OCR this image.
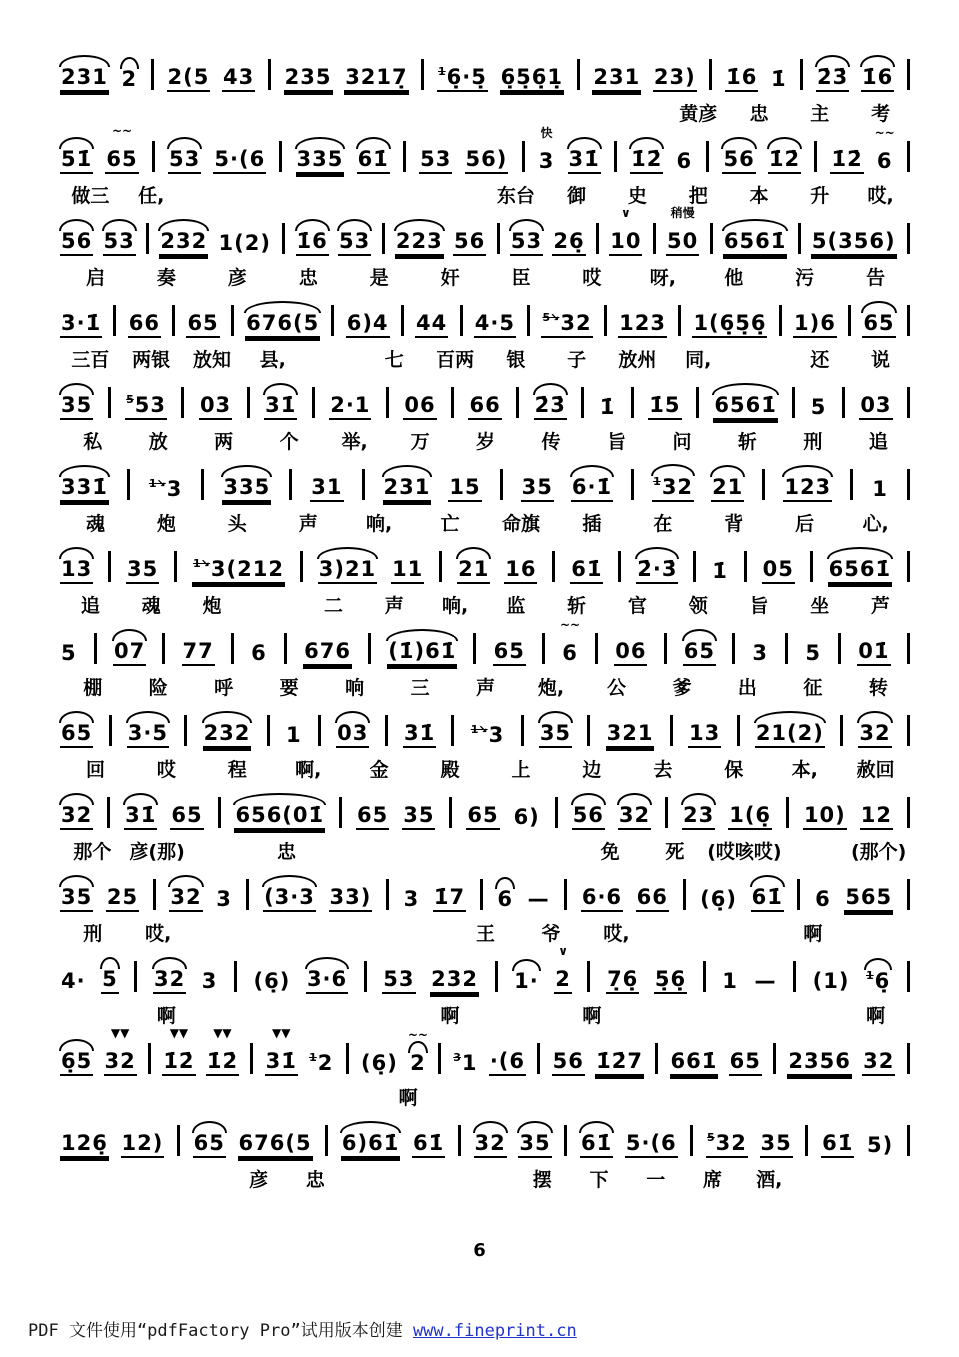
231 2 2(5 43 235 3217̣	$^1$6̣·5̣ 6̣5̣6̣1̣ 231 23) 1̇6 1̇ 2̇3̇ 1̇6
黄彦	忠	主	考
51̇
~~
65 53 5·(6 335 61̇ 53 56)
快
3 31̇ 1̇2̇ 6 56 1̇2̇ 1̇2̇
~~
6
做三	任,	东台	御	史	把	本	升	哎,
56 53 232 1(2) 1̇6 53 223 56 53 26̣
∨
10
稍慢
50 6561̇ 5(356)
启	奏	彦	忠	是	奸	臣	哎	呀,	他	污	告
3·1̇ 66 65 676(5 6)4 44 4·5	$^{5↘}$32 123 1(6̣5̣6̣ 1)6 65
三百	两银	放知	县,	七	百两	银	子	放州	同,	还	说
35	$^5$53 03 31̇ 2·1 06 66 2̇3̇ 1̇ 1̇5 6561̇ 5 03
私	放	两	个	举,	万	岁	传	旨	问	斩	刑	追
331̇	$^{1↘}$3 335 31 231 15 35 6·1̇	$^1$32 21 123 1
魂	炮	头	声	响,	亡	命旗	插	在	背	后	心,
13 35	$^{1↘}$3(212 3)21 11 21 16 61̇ 2̇·3̇ 1̇ 05 6561̇
追	魂	炮	二	声	响,	监	斩	官	领	旨	坐	芦
5 07 77 6 676 (1̇)61̇ 65
~~
6 06 65 3 5 01̇
棚	险	呼	要	响	三	声	炮,	公	爹	出	征	转
65 3·5 232 1 03 31̇	$^{1↘}$3 35 321 13 21(2) 32
回	哎	程	啊,	金	殿	上	边	去	保	本,	赦回
32 31̇ 65 656(01̇ 65 35 65 6) 56 32 23 1(6̣ 10) 12
那个 彦(那)	忠	免	死	(哎咳哎)	(那个)
35 25 32 3 (3·3 33) 3 1̇7 6 — 6·6 66 (6̣) 61̇ 6 565
刑	哎,	王	爷	哎,	啊
4· 5 32 3 (6̣) 3·6 53 232 1·
∨
2 7̣6̣ 5̣6̣ 1 — (1) $^1$6̣
啊	啊	啊	啊
6̣5
▼▼
32
▼▼
1̇2̇
▼▼
1̇2̇
▼▼
31̇ $^1$2 (6̣)
~~
2	$^3$1 ·(6 56 1̇2̇7 661̇ 65 2356 32
啊
126̣ 12) 65 676(5 6)61̇ 61̇ 32 35 61̇ 5·(6	$^5$32 35 61̇ 5)
彦	忠	摆	下	一	席	酒,
6
PDF 文件使用“pdfFactory Pro”试用版本创建 www.fineprint.cn
